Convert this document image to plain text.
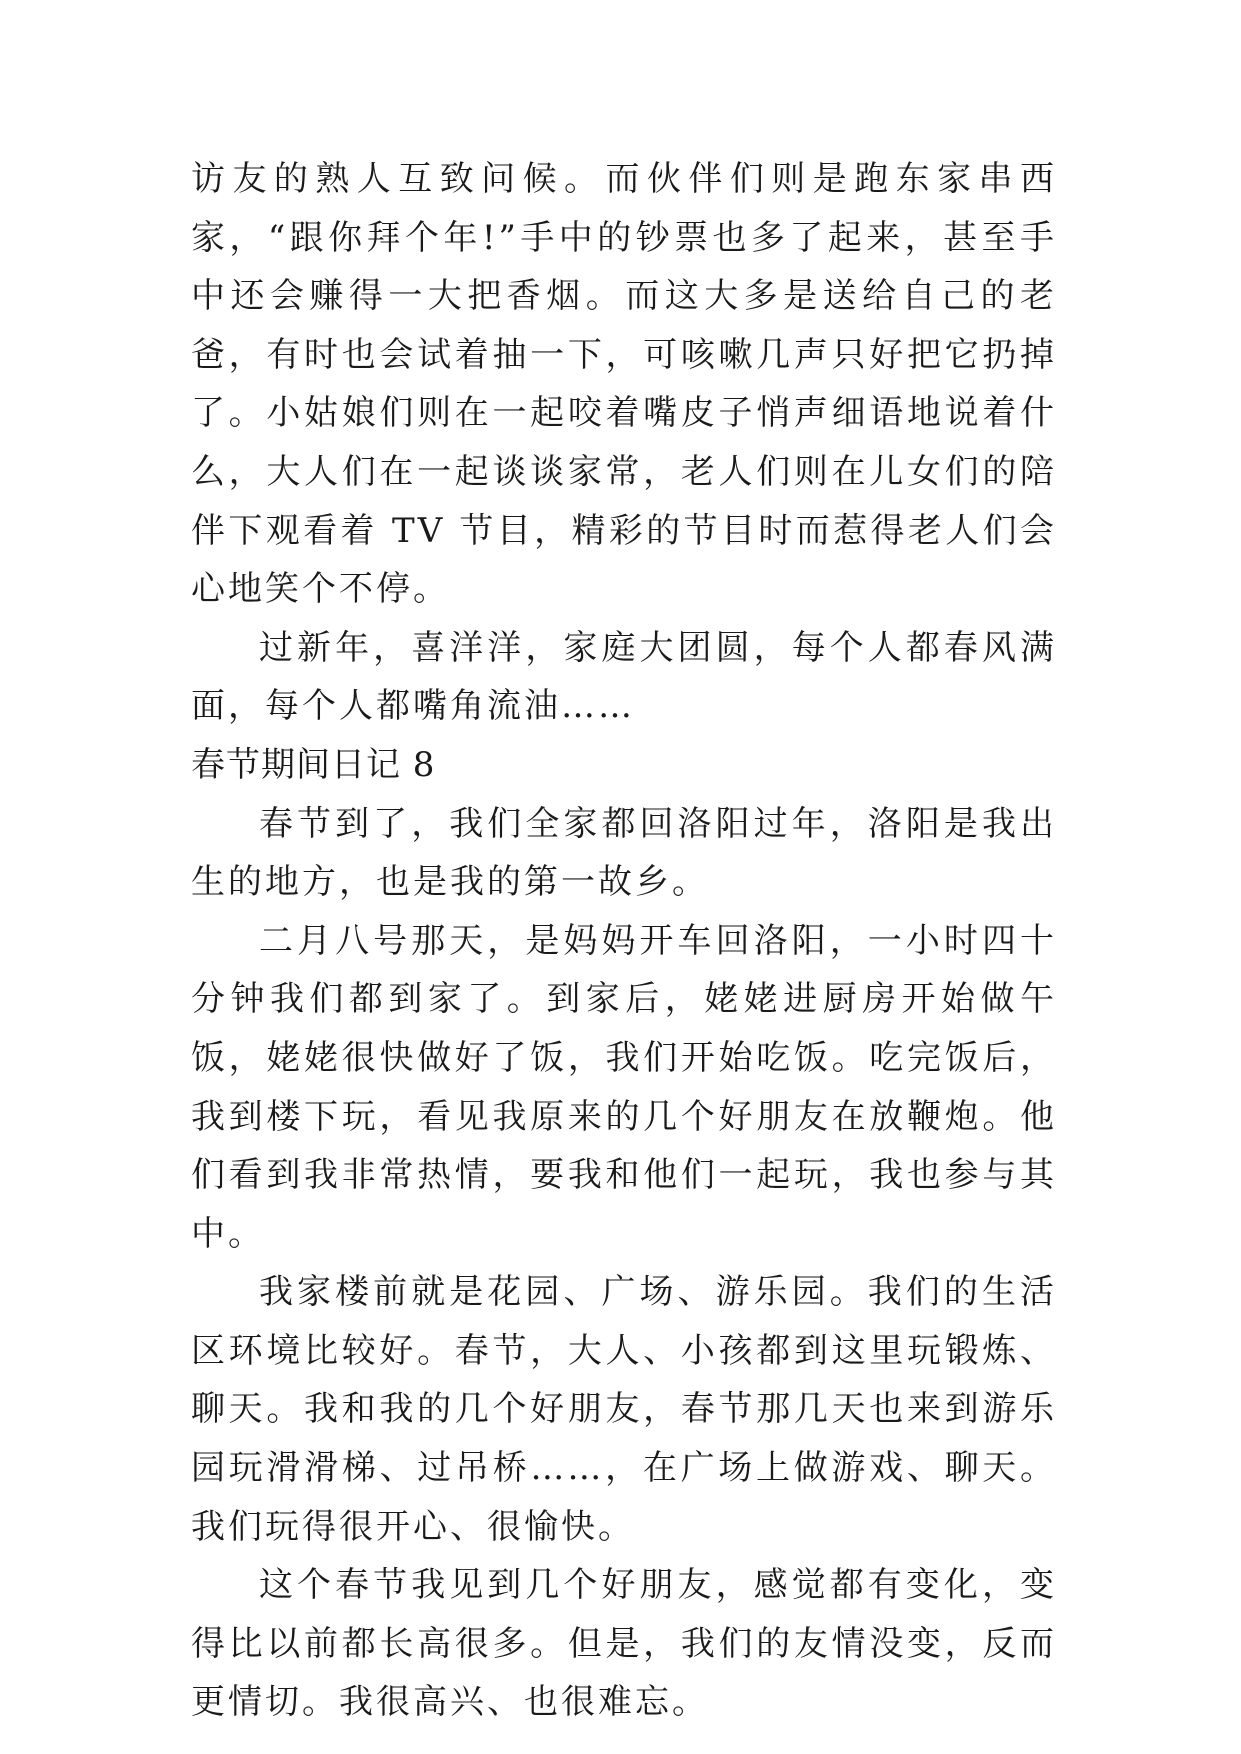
访友的熟人互致问候。而伙伴们则是跑东家串西家，“跟你拜个年!”手中的钞票也多了起来，甚至手中还会赚得一大把香烟。而这大多是送给自己的老爸，有时也会试着抽一下，可咳嗽几声只好把它扔掉了。小姑娘们则在一起咬着嘴皮子悄声细语地说着什么，大人们在一起谈谈家常，老人们则在儿女们的陪伴下观看着 TV 节目，精彩的节目时而惹得老人们会心地笑个不停。

过新年，喜洋洋，家庭大团圆，每个人都春风满面，每个人都嘴角流油……

春节期间日记 8

春节到了，我们全家都回洛阳过年，洛阳是我出生的地方，也是我的第一故乡。

二月八号那天，是妈妈开车回洛阳，一小时四十分钟我们都到家了。到家后，姥姥进厨房开始做午饭，姥姥很快做好了饭，我们开始吃饭。吃完饭后，我到楼下玩，看见我原来的几个好朋友在放鞭炮。他们看到我非常热情，要我和他们一起玩，我也参与其中。

我家楼前就是花园、广场、游乐园。我们的生活区环境比较好。春节，大人、小孩都到这里玩锻炼、聊天。我和我的几个好朋友，春节那几天也来到游乐园玩滑滑梯、过吊桥……，在广场上做游戏、聊天。我们玩得很开心、很愉快。

这个春节我见到几个好朋友，感觉都有变化，变得比以前都长高很多。但是，我们的友情没变，反而更情切。我很高兴、也很难忘。
